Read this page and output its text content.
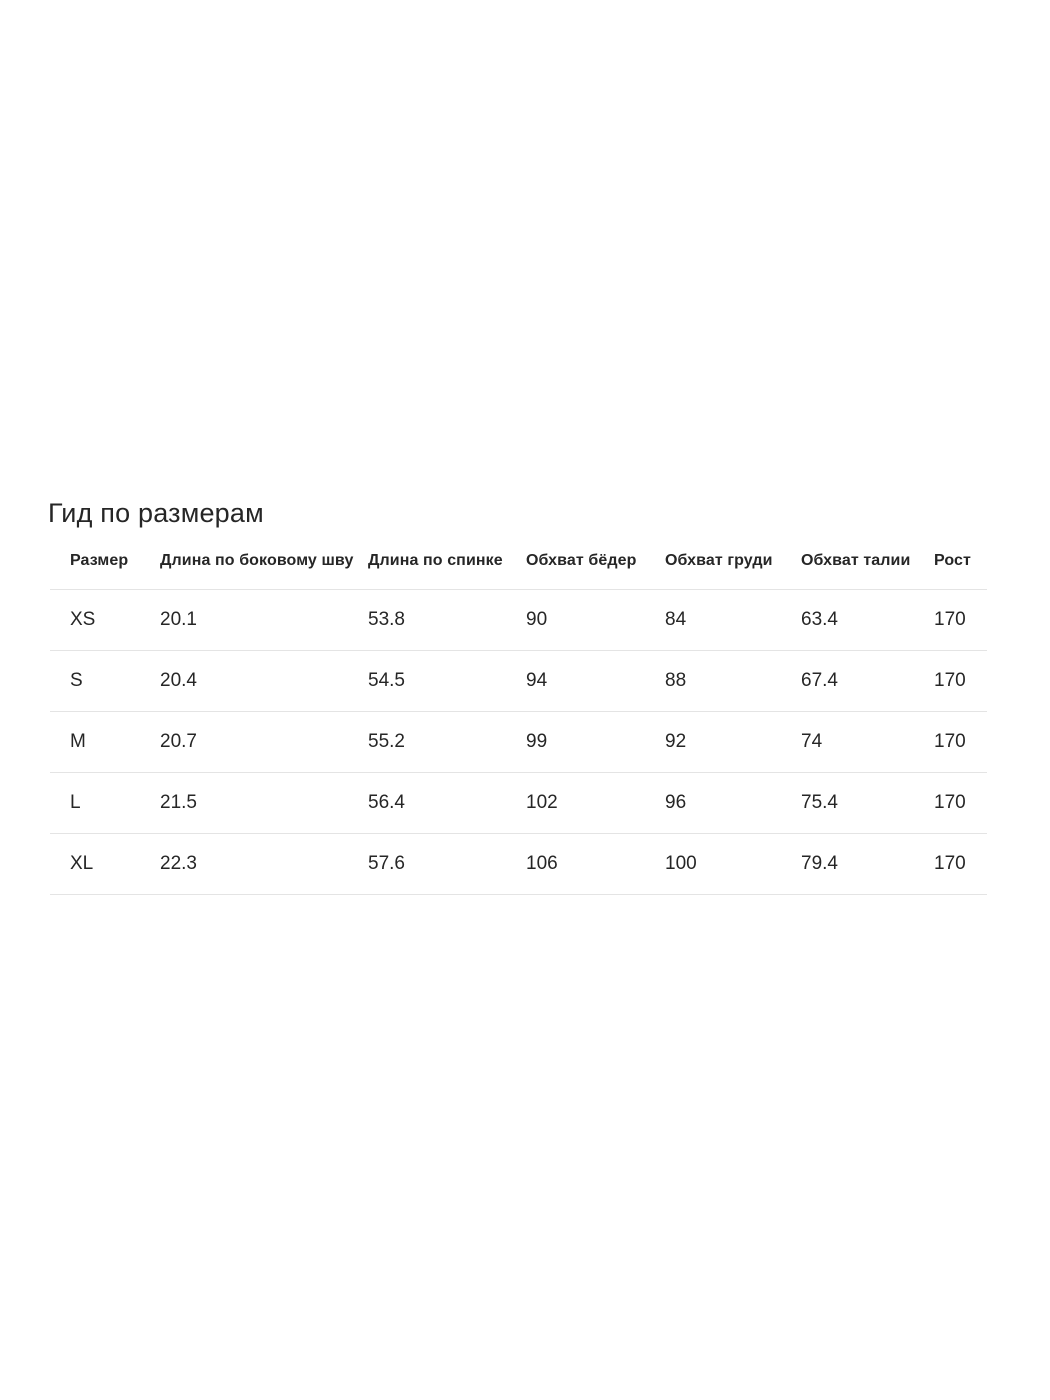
Гид по размерам
Размер	Длина по боковому шву	Длина по спинке	Обхват бёдер	Обхват груди	Обхват талии	Рост
XS	20.1	53.8	90	84	63.4	170
S	20.4	54.5	94	88	67.4	170
M	20.7	55.2	99	92	74	170
L	21.5	56.4	102	96	75.4	170
XL	22.3	57.6	106	100	79.4	170
